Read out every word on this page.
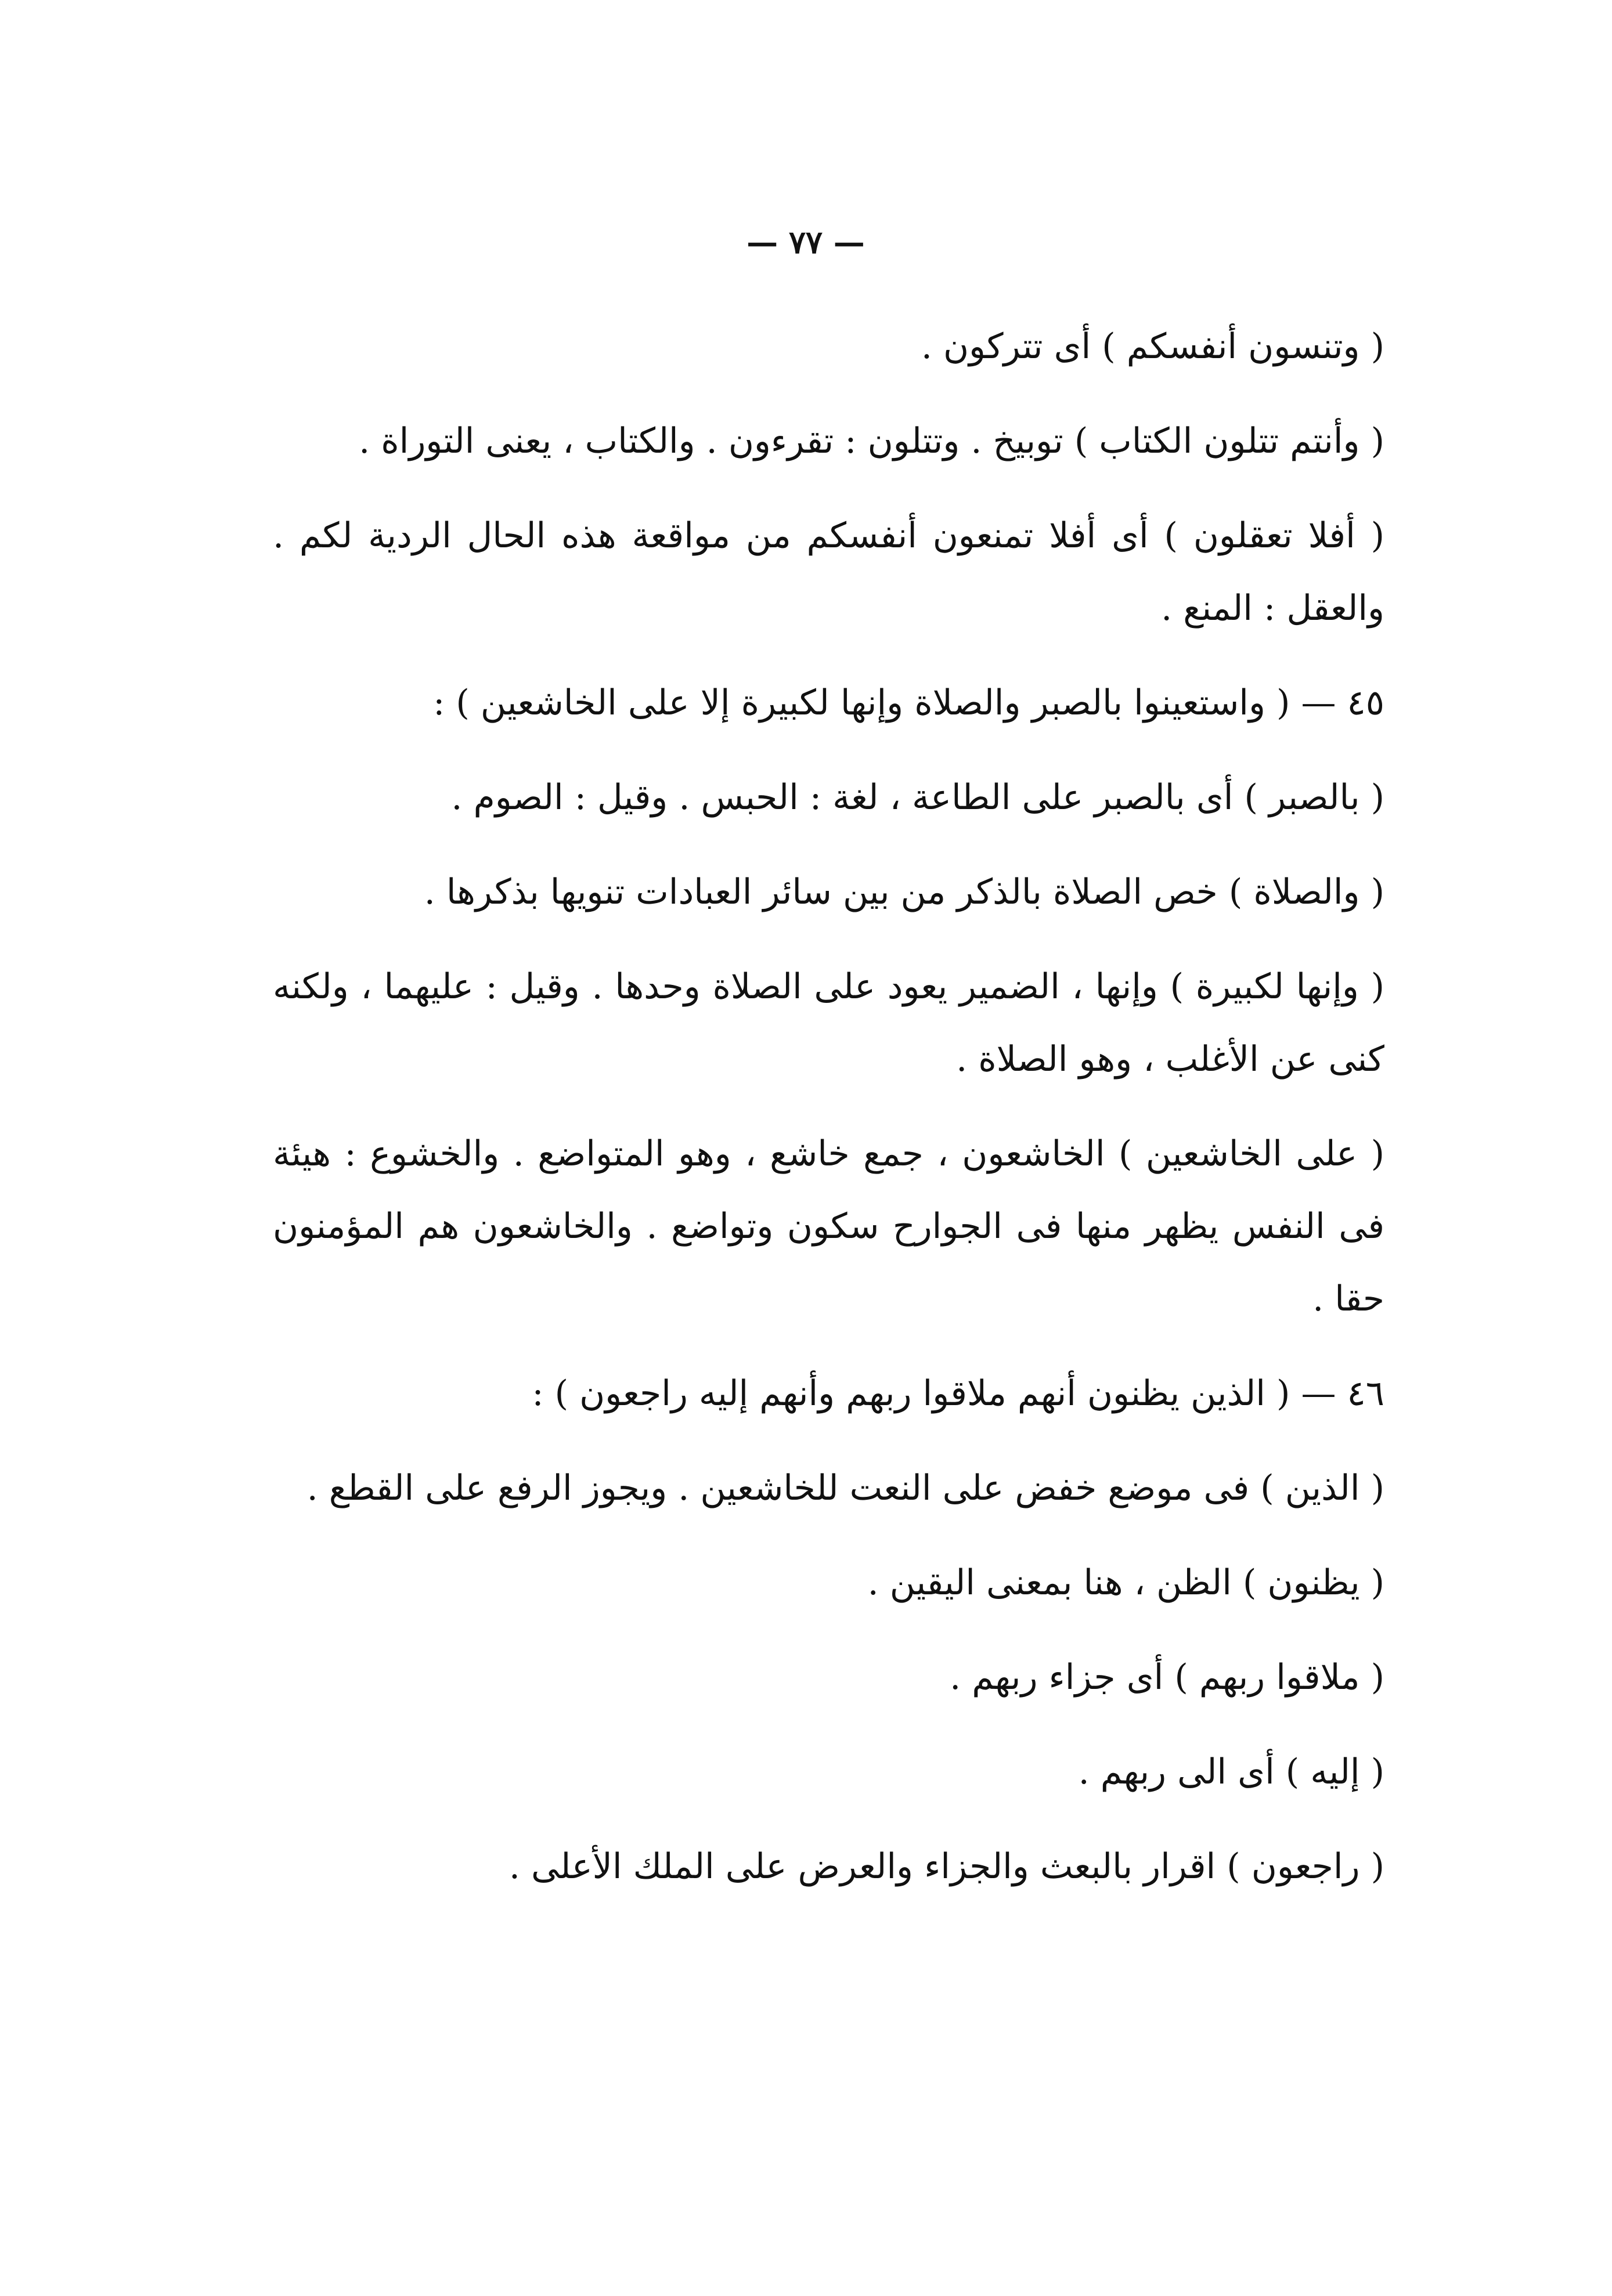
— ٧٧ —

( وتنسون أنفسكم ) أى تتركون .

( وأنتم تتلون الكتاب ) توبيخ . وتتلون : تقرءون . والكتاب ، يعنى التوراة .

( أفلا تعقلون ) أى أفلا تمنعون أنفسكم من مواقعة هذه الحال الردية لكم . والعقل : المنع .

٤٥ — ( واستعينوا بالصبر والصلاة وإنها لكبيرة إلا على الخاشعين ) :

( بالصبر ) أى بالصبر على الطاعة ، لغة : الحبس . وقيل : الصوم .

( والصلاة ) خص الصلاة بالذكر من بين سائر العبادات تنويها بذكرها .

( وإنها لكبيرة ) وإنها ، الضمير يعود على الصلاة وحدها . وقيل : عليهما ، ولكنه كنى عن الأغلب ، وهو الصلاة .

( على الخاشعين ) الخاشعون ، جمع خاشع ، وهو المتواضع . والخشوع : هيئة فى النفس يظهر منها فى الجوارح سكون وتواضع . والخاشعون هم المؤمنون حقا .

٤٦ — ( الذين يظنون أنهم ملاقوا ربهم وأنهم إليه راجعون ) :

( الذين ) فى موضع خفض على النعت للخاشعين . ويجوز الرفع على القطع .

( يظنون ) الظن ، هنا بمعنى اليقين .

( ملاقوا ربهم ) أى جزاء ربهم .

( إليه ) أى الى ربهم .

( راجعون ) اقرار بالبعث والجزاء والعرض على الملك الأعلى .
